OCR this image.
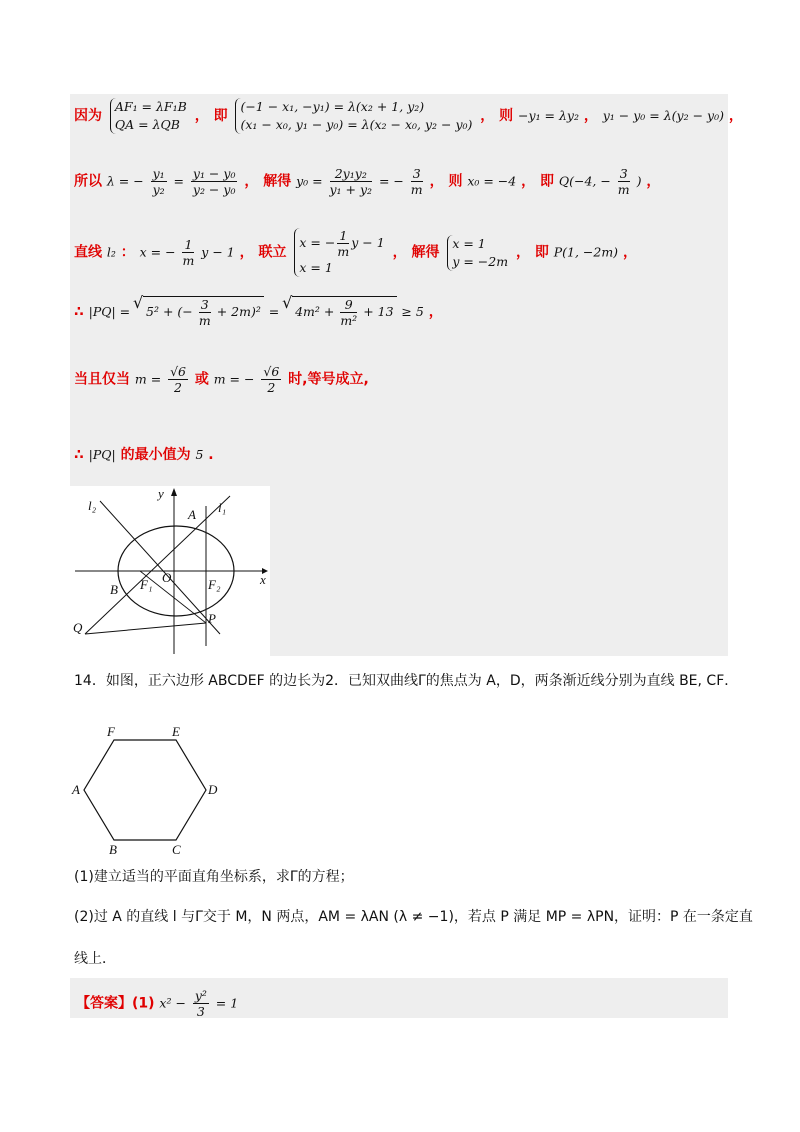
因为
AF₁ = λF₁B
QA = λQB
， 即
(−1 − x₁, −y₁) = λ(x₂ + 1, y₂)
(x₁ − x₀, y₁ − y₀) = λ(x₂ − x₀, y₂ − y₀)
， 则 −y₁ = λy₂ ， y₁ − y₀ = λ(y₂ − y₀) ，
所以 λ = − $\frac{\text{y₁}}{\text{y₂}} = \frac{\text{y₁ − y₀}}{\text{y₂ − y₀}}$ ， 解得 $y_0 = \frac{\text{2y₁y₂}}{\text{y₁ + y₂}}$ = − $\frac{3}{m}$ ， 则 x₀ = −4 ， 即 Q(−4, − $\frac{3}{m}$ ) ，
直线 l₂ ： x = − $\frac{1}{m}$ y − 1 ， 联立
x = − $\frac{1}{m}$ y − 1
x = 1
， 解得
x = 1
y = −2m
， 即 P(1, −2m) ，
∴ |PQ| = √ 5² + (− $\frac{3}{m} + 2m)^2$ = √ $4m^2 + \frac{9}{\text{m²}} + 13 \ge 5$ ，
当且仅当 $m = \frac{√6}{2}$ 或 m = − $\frac{√6}{2}$ 时,等号成立,
∴ |PQ| 的最小值为 5 .
l₂
y
A l₁
O
F₁	F₂
B
x
Q
P
14．如图，正六边形 ABCDEF 的边长为2．已知双曲线Γ的焦点为 A，D，两条渐近线分别为直线 BE, CF．
F	E
A	D
B	C
(1)建立适当的平面直角坐标系，求Γ的方程；
(2)过 A 的直线 l 与Γ交于 M，N 两点，AM = λAN (λ ≠ −1)，若点 P 满足 MP = λPN，证明：P 在一条定直
线上．
【答案】(1) $x^2 - \frac{\text{y²}}{3} = 1$
